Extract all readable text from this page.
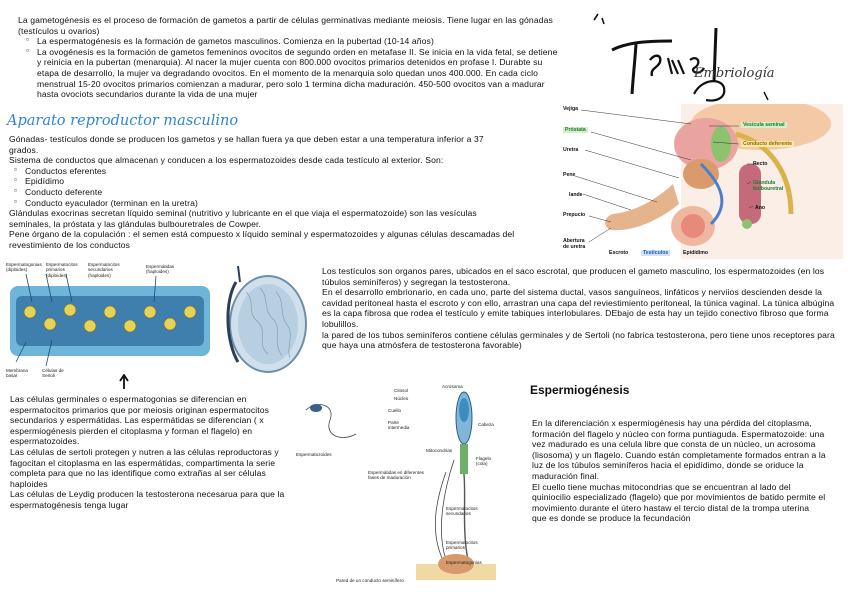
La gametogénesis es el proceso de formación de gametos a partir de células germinativas mediante meiosis. Tiene lugar en las gónadas (testículos u ovarios)
▫ La espermatogénesis es la formación de gametos masculinos. Comienza en la pubertad (10-14 años)
▫ La ovogénesis es la formación de gametos femeninos ovocitos de segundo orden en metafase II. Se inicia en la vida fetal, se detiene y reinicia en la pubertan (menarquia). Al nacer la mujer cuenta con 800.000 ovocitos primarios detenidos en profase I. Durabte su etapa de desarrollo, la mujer va degradando ovocitos. En el momento de la menarquia solo quedan unos 400.000. En cada ciclo menstrual 15-20 ovocitos primarios comienzan a madurar, pero solo 1 termina dicha maduración. 450-500 ovocitos van a madurar hasta ovociots secundarios durante la vida de una mujer
Embriología
Vejiga
Próstata
Uretra
Pene
lande
Prepucio
Abertura de uretra
Escroto	Testículos	Epidídimo
Vesícula seminal
Conducto deferente
Recto
Glándula bulbouretral
Ano
Aparato reproductor masculino
Gónadas- testículos donde se producen los gametos y se hallan fuera ya que deben estar a una temperatura inferior a 37 grados.
Sistema de conductos que almacenan y conducen a los espermatozoides desde cada testículo al exterior. Son:
▫ Conductos eferentes
▫ Epidídimo
▫ Conducto deferente
▫ Conducto eyaculador (terminan en la uretra)
Glándulas exocrinas secretan líquido seminal (nutritivo y lubricante en el que viaja el espermatozoide) son las vesículas seminales, la próstata y las glándulas bulbouretrales de Cowper.
Pene órgano de la copulación : el semen está compuesto x líquido seminal y espermatozoides y algunas células descamadas del revestimiento de los conductos
Espermatogonias (diploides)
Espermatocitos primarios (diploides)
Espermatocitos secundarios (haploides)
Espermátidas (haploides)
Membrana basal
Células de Sertoli
Los testículos son organos pares, ubicados en el saco escrotal, que producen el gameto masculino, los espermatozoides (en los túbulos seminíferos) y segregan la testosterona.
En el desarrollo embrionario, en cada uno, parte del sistema ductal, vasos sanguíneos, linfáticos y nerviios descienden desde la cavidad peritoneal hasta el escroto y con ello, arrastran una capa del reviestimiento peritoneal, la túnica vaginal. La túnica albúgina es la capa fibrosa que rodea el testículo y emite tabiques interlobulares. DEbajo de esta hay un tejido conectivo fibroso que forma lobulillos.
la pared de los tubos seminíferos contiene células germinales y de Sertoli (no fabrica testosterona, pero tiene unos receptores para que haya una atmósfera de testosterona favorable)
Las células germinales o espermatogonias se diferencian en espermatocitos primarios que por meiosis originan espermatocitos secundarios y espermátidas. Las espermátidas se diferencian ( x espermiogénesis pierden el citoplasma y forman el flagelo) en espermatozoides.
Las células de sertoli protegen y nutren a las células reproductoras y fagocitan el citoplasma en las espermátidas, compartimenta la serie completa para que no las identifique como extrañas al ser células haploides
Las células de Leydig producen la testosterona necesarua para que la espermatogénesis tenga lugar
Citosol
Núcleo
Acrosoma
Cuello
Parte intermedia
Cabeza
Mitocondrias
Flagelo (cola)
Espermatozoides
Espermátidas en diferentes fases de maduración
Espermatocitos secundarios
Espermatocitos primarios
Espermatogonias
Pared de un conducto seminífero
Espermiogénesis
En la diferenciación x espermiogénesis hay una pérdida del citoplasma, formación del flagelo y núcleo con forma puntiaguda. Espermatozoide: una vez madurado es una celula libre que consta de un núcleo, un acrosoma (lisosoma) y un flagelo. Cuando están completamente formados entran a la luz de los túbulos seminíferos hacia el epidídimo, donde se oriduce la maduración final.
El cuello tiene muchas mitocondrias que se encuentran al lado del quiniocilio especializado (flagelo) que por movimientos de batido permite el movimiento durante el útero hastaw el tercio distal de la trompa uterina que es donde se produce la fecundación
